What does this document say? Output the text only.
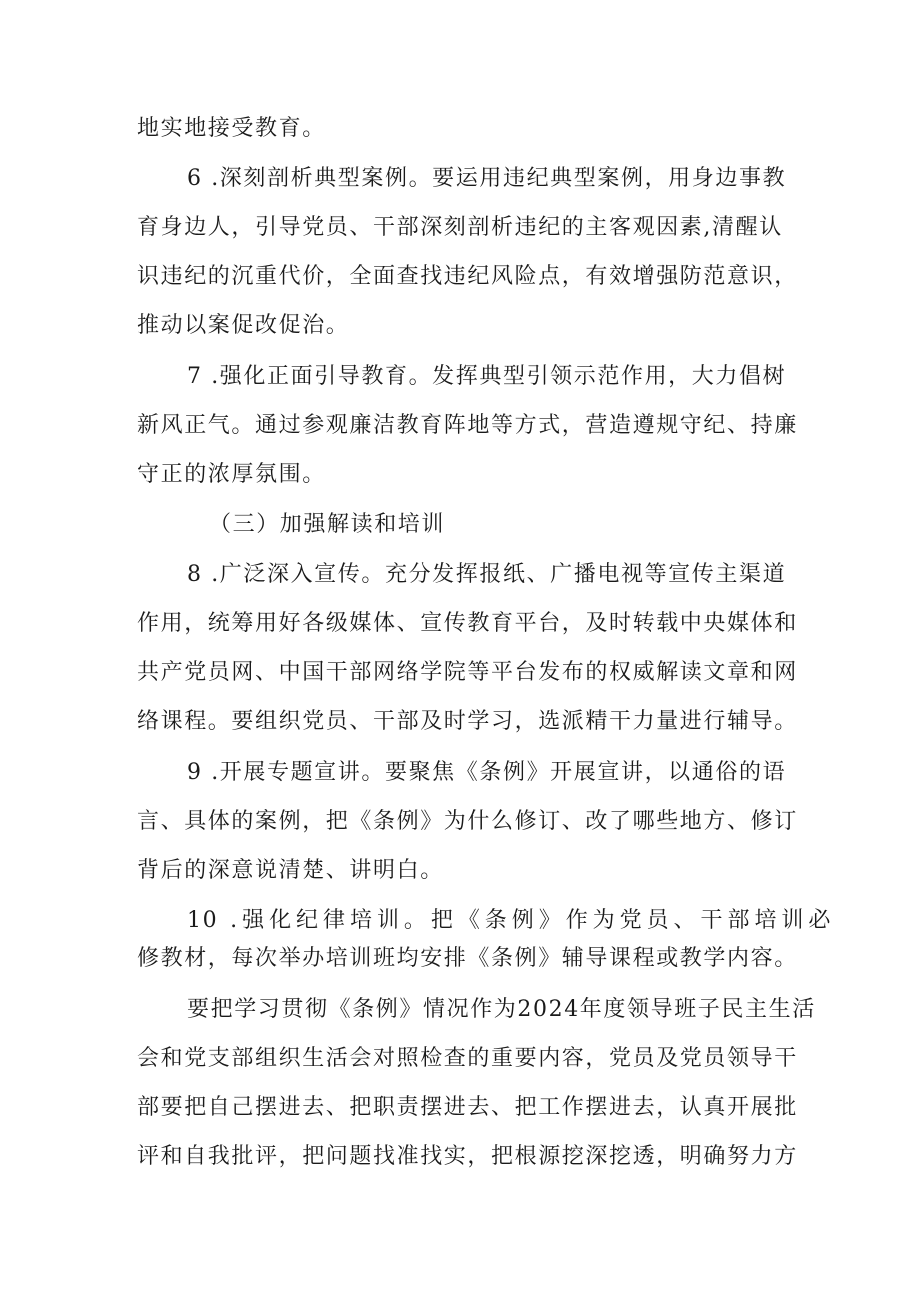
地实地接受教育。
6 .深刻剖析典型案例。要运用违纪典型案例，用身边事教
育身边人，引导党员、干部深刻剖析违纪的主客观因素,清醒认
识违纪的沉重代价，全面查找违纪风险点，有效增强防范意识，
推动以案促改促治。
7 .强化正面引导教育。发挥典型引领示范作用，大力倡树
新风正气。通过参观廉洁教育阵地等方式，营造遵规守纪、持廉
守正的浓厚氛围。
（三）加强解读和培训
8 .广泛深入宣传。充分发挥报纸、广播电视等宣传主渠道
作用，统筹用好各级媒体、宣传教育平台，及时转载中央媒体和
共产党员网、中国干部网络学院等平台发布的权威解读文章和网
络课程。要组织党员、干部及时学习，选派精干力量进行辅导。
9 .开展专题宣讲。要聚焦《条例》开展宣讲，以通俗的语
言、具体的案例，把《条例》为什么修订、改了哪些地方、修订
背后的深意说清楚、讲明白。
10 .强化纪律培训。把《条例》作为党员、干部培训必
修教材，每次举办培训班均安排《条例》辅导课程或教学内容。
要把学习贯彻《条例》情况作为2024年度领导班子民主生活
会和党支部组织生活会对照检查的重要内容，党员及党员领导干
部要把自己摆进去、把职责摆进去、把工作摆进去，认真开展批
评和自我批评，把问题找准找实，把根源挖深挖透，明确努力方
